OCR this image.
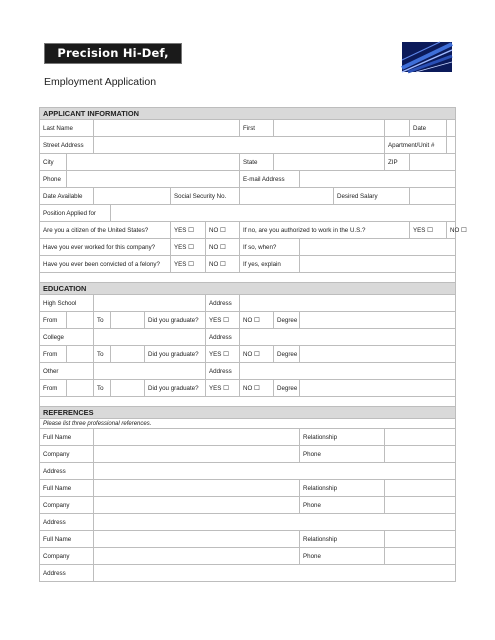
Precision Hi-Def, LLC
Employment Application
APPLICANT INFORMATION													
Last Name							First					Date	
Street Address											Apartment/Unit #		
City							State				ZIP		
Phone							E-mail Address						
Date Available					Social Security No.					Desired Salary			
Position Applied for													
Are you a citizen of the United States?					YES ☐	NO ☐	If no, are you authorized to work in the U.S.?					YES ☐	NO ☐
Have you ever worked for this company?					YES ☐	NO ☐	If so, when?						
Have you ever been convicted of a felony?					YES ☐	NO ☐	If yes, explain						

EDUCATION													
High School						Address							
From		To		Did you graduate?		YES ☐	NO ☐	Degree					
College						Address							
From		To		Did you graduate?		YES ☐	NO ☐	Degree					
Other						Address							
From		To		Did you graduate?		YES ☐	NO ☐	Degree					

REFERENCES													
Please list three professional references.													
Full Name									Relationship				
Company									Phone				
Address													
Full Name									Relationship				
Company									Phone				
Address													
Full Name									Relationship				
Company									Phone				
Address													
